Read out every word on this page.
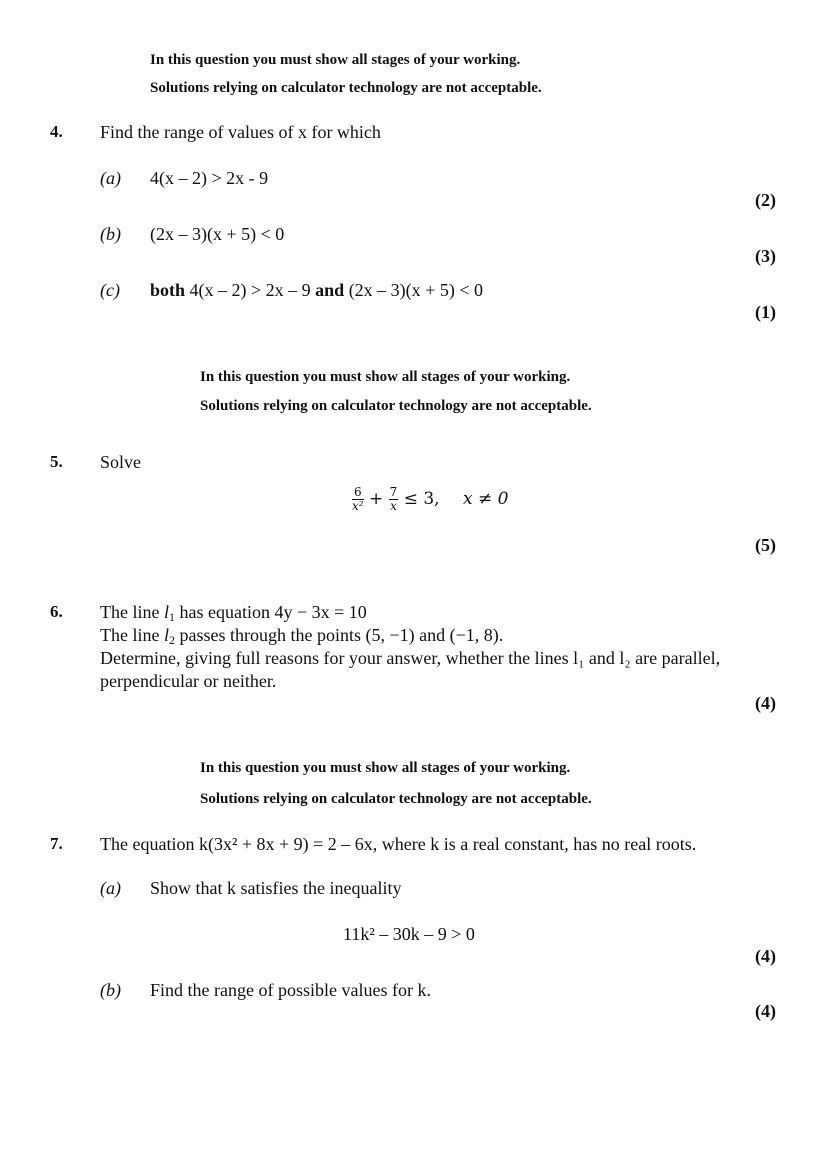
In this question you must show all stages of your working.
Solutions relying on calculator technology are not acceptable.
4. Find the range of values of x for which
(a) 4(x – 2) > 2x - 9
(2)
(b) (2x – 3)(x + 5) < 0
(3)
(c) both 4(x – 2) > 2x – 9 and (2x – 3)(x + 5) < 0
(1)
In this question you must show all stages of your working.
Solutions relying on calculator technology are not acceptable.
5. Solve
$\frac{6}{\text{x²}} + \frac{7}{x} \le 3$, x ≠ 0
(5)
6. The line $l_1$ has equation 4y − 3x = 10
The line $l_2$ passes through the points (5, −1) and (−1, 8).
Determine, giving full reasons for your answer, whether the lines l₁ and l₂ are parallel,
perpendicular or neither.
(4)
In this question you must show all stages of your working.
Solutions relying on calculator technology are not acceptable.
7. The equation k(3x² + 8x + 9) = 2 – 6x, where k is a real constant, has no real roots.
(a) Show that k satisfies the inequality
11k² – 30k – 9 > 0
(4)
(b) Find the range of possible values for k.
(4)
